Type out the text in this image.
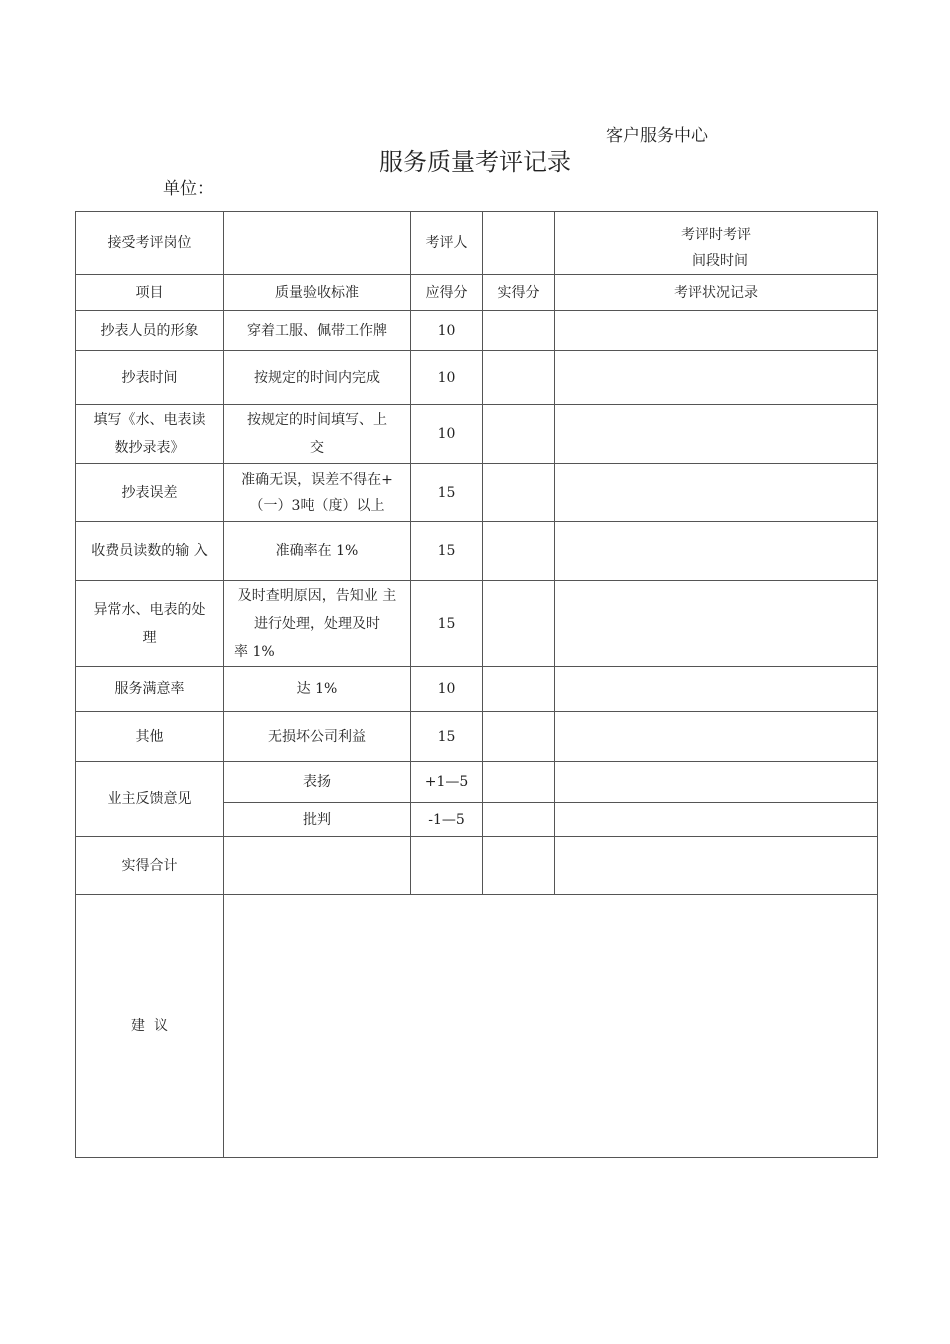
客户服务中心
服务质量考评记录
单位：
接受考评岗位		考评人		考评时考评
间段时间

项目	质量验收标准	应得分	实得分	考评状况记录
抄表人员的形象	穿着工服、佩带工作牌	10		
抄表时间	按规定的时间内完成	10		

填写《水、电表读
数抄录表》	按规定的时间填写、上
交	10		
抄表误差	准确无误，误差不得在+
（一）3吨（度）以上	15		
收费员读数的输 入	准确率在 1%	15		

异常水、电表的处
理	及时查明原因，告知业 主
进行处理，处理及时
率 1%	15		
服务满意率	达 1%	10		
其他	无损坏公司利益	15		
业主反馈意见	表扬	+1—5		
	批判	-1—5		
实得合计				
建  议				
